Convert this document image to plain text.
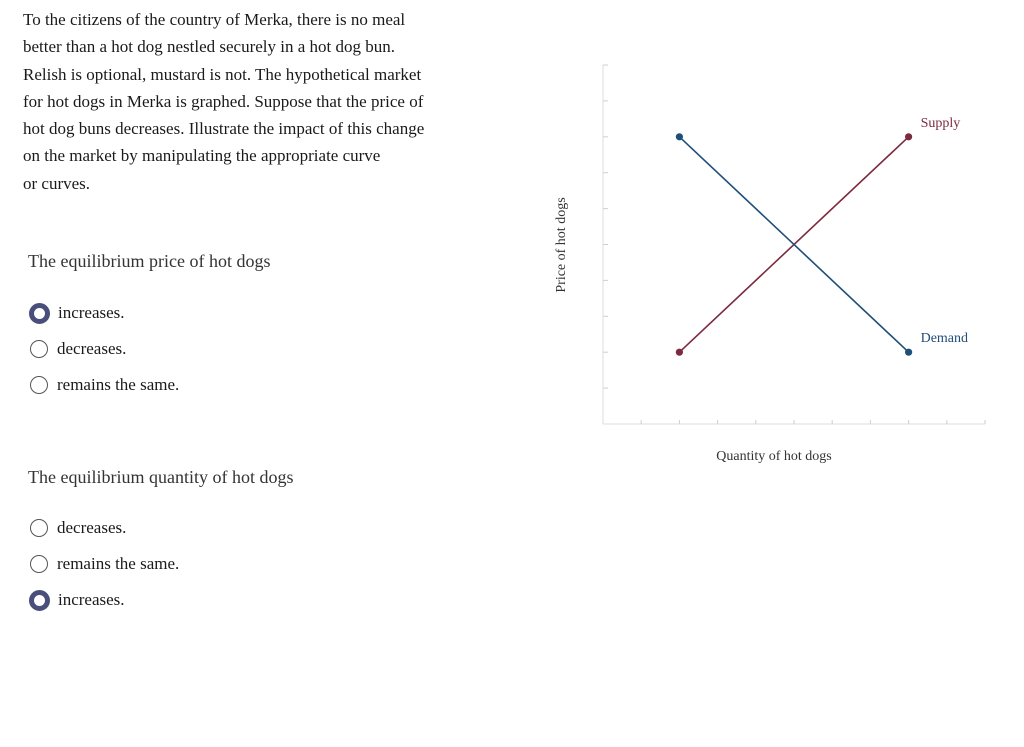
To the citizens of the country of Merka, there is no meal
better than a hot dog nestled securely in a hot dog bun.
Relish is optional, mustard is not. The hypothetical market
for hot dogs in Merka is graphed. Suppose that the price of
hot dog buns decreases. Illustrate the impact of this change
on the market by manipulating the appropriate curve
or curves.

The equilibrium price of hot dogs

increases.
decreases.
remains the same.

The equilibrium quantity of hot dogs

decreases.
remains the same.
increases.
Supply
Demand
Quantity of hot dogs
Price of hot dogs
